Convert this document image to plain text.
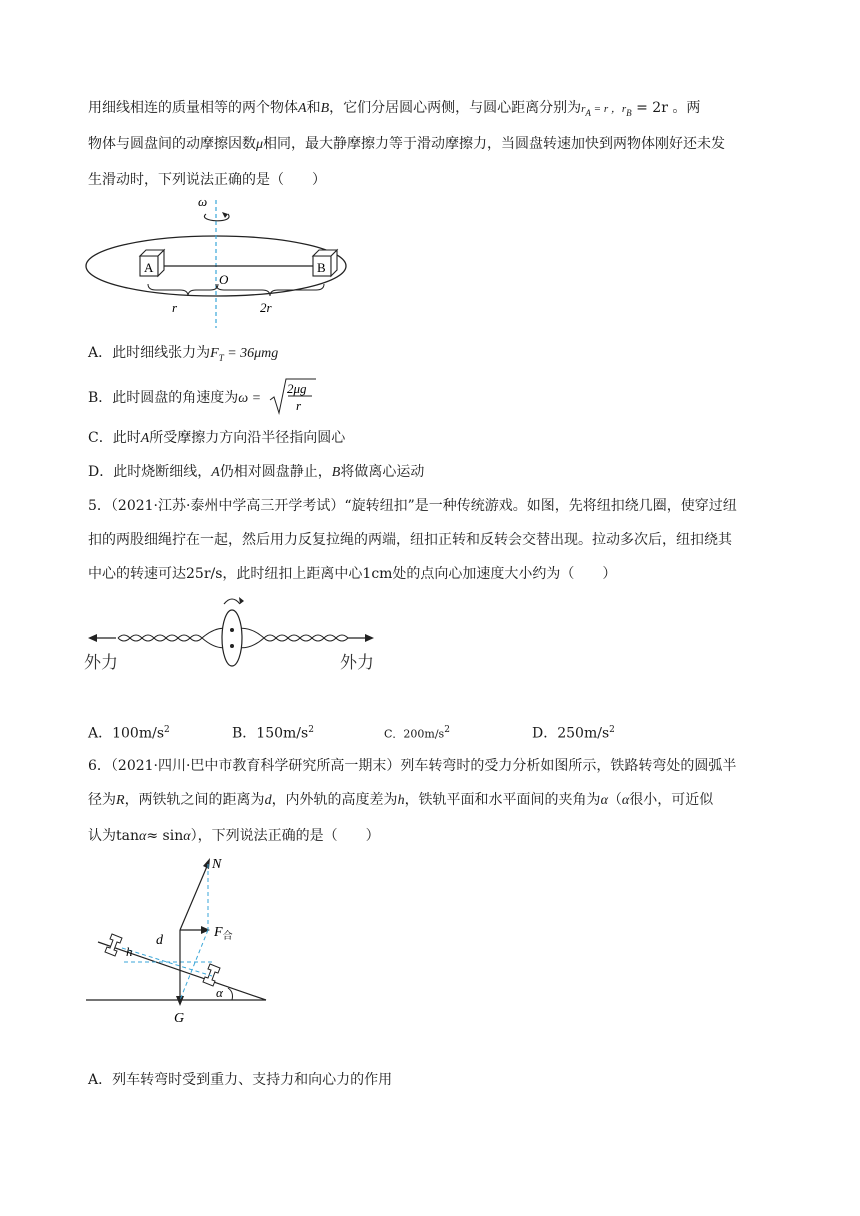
用细线相连的质量相等的两个物体A和B，它们分居圆心两侧，与圆心距离分别为$r_A = r$ ，$r_B = 2r$ 。两
物体与圆盘间的动摩擦因数μ相同，最大静摩擦力等于滑动摩擦力，当圆盘转速加快到两物体刚好还未发
生滑动时，下列说法正确的是（　　）
ω
A	B
O
r	2r
A．此时细线张力为$F_T = 36\mu mg$
B．此时圆盘的角速度为ω =
2μg
r
C．此时A所受摩擦力方向沿半径指向圆心
D．此时烧断细线，A仍相对圆盘静止，B将做离心运动
5．（2021·江苏·泰州中学高三开学考试）“旋转纽扣”是一种传统游戏。如图，先将纽扣绕几圈，使穿过纽
扣的两股细绳拧在一起，然后用力反复拉绳的两端，纽扣正转和反转会交替出现。拉动多次后，纽扣绕其
中心的转速可达25r/s，此时纽扣上距离中心1cm处的点向心加速度大小约为（　　）
外力	外力
A．$100m/s^2$	B．$150m/s^2$	C．$200m/s^2$	D．$250m/s^2$
6．（2021·四川·巴中市教育科学研究所高一期末）列车转弯时的受力分析如图所示，铁路转弯处的圆弧半
径为R，两铁轨之间的距离为d，内外轨的高度差为h，铁轨平面和水平面间的夹角为α（α很小，可近似
认为tanα≈ sinα），下列说法正确的是（　　）
α
h
d
N
G
$F_合$
A．列车转弯时受到重力、支持力和向心力的作用
